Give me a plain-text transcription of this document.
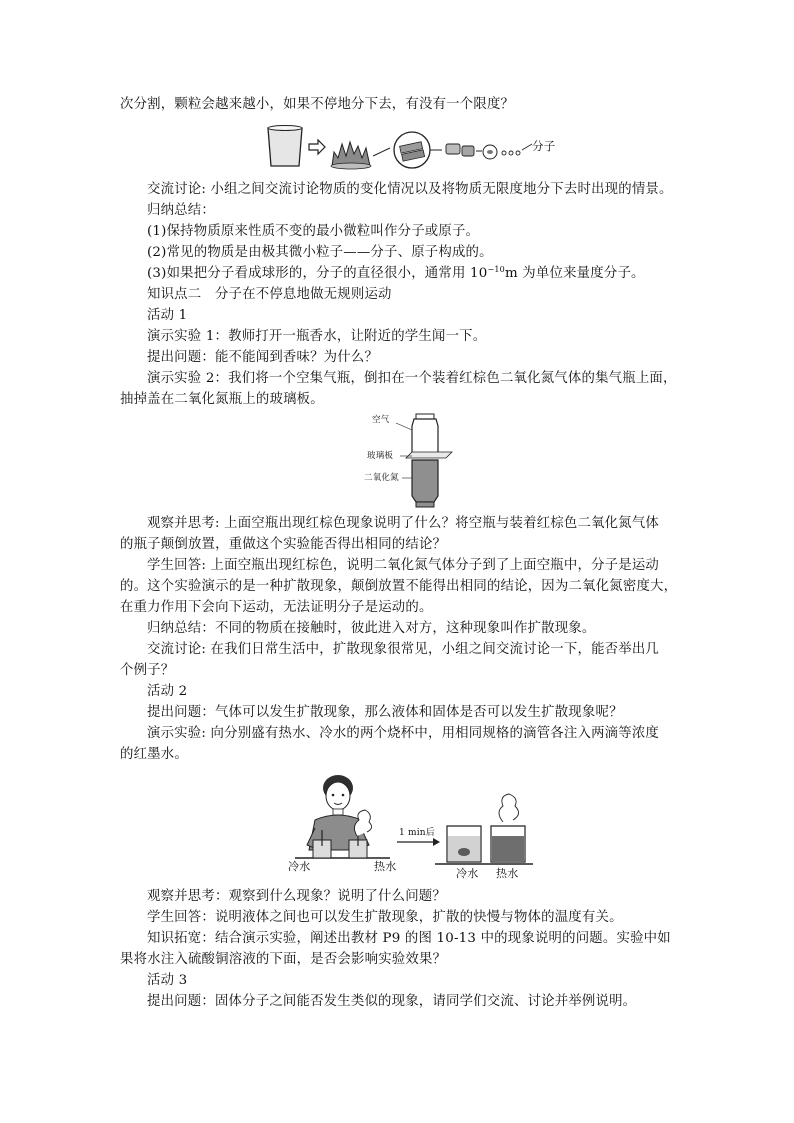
次分割，颗粒会越来越小，如果不停地分下去，有没有一个限度？
分子
交流讨论: 小组之间交流讨论物质的变化情况以及将物质无限度地分下去时出现的情景。
归纳总结：
(1)保持物质原来性质不变的最小微粒叫作分子或原子。
(2)常见的物质是由极其微小粒子——分子、原子构成的。
(3)如果把分子看成球形的，分子的直径很小，通常用 $10^{-10}m$ 为单位来量度分子。
知识点二　分子在不停息地做无规则运动
活动 1
演示实验 1：教师打开一瓶香水，让附近的学生闻一下。
提出问题：能不能闻到香味？为什么？
演示实验 2：我们将一个空集气瓶，倒扣在一个装着红棕色二氧化氮气体的集气瓶上面，
抽掉盖在二氧化氮瓶上的玻璃板。
空气
玻璃板
二氧化氮
观察并思考: 上面空瓶出现红棕色现象说明了什么？将空瓶与装着红棕色二氧化氮气体
的瓶子颠倒放置，重做这个实验能否得出相同的结论？
学生回答: 上面空瓶出现红棕色，说明二氧化氮气体分子到了上面空瓶中，分子是运动
的。这个实验演示的是一种扩散现象，颠倒放置不能得出相同的结论，因为二氧化氮密度大，
在重力作用下会向下运动，无法证明分子是运动的。
归纳总结：不同的物质在接触时，彼此进入对方，这种现象叫作扩散现象。
交流讨论: 在我们日常生活中，扩散现象很常见，小组之间交流讨论一下，能否举出几
个例子？
活动 2
提出问题：气体可以发生扩散现象，那么液体和固体是否可以发生扩散现象呢？
演示实验: 向分别盛有热水、冷水的两个烧杯中，用相同规格的滴管各注入两滴等浓度
的红墨水。
1 min后
冷水	热水
冷水 热水
观察并思考：观察到什么现象？说明了什么问题？
学生回答：说明液体之间也可以发生扩散现象，扩散的快慢与物体的温度有关。
知识拓宽：结合演示实验，阐述出教材 P9 的图 10-13 中的现象说明的问题。实验中如
果将水注入硫酸铜溶液的下面，是否会影响实验效果？
活动 3
提出问题：固体分子之间能否发生类似的现象，请同学们交流、讨论并举例说明。
